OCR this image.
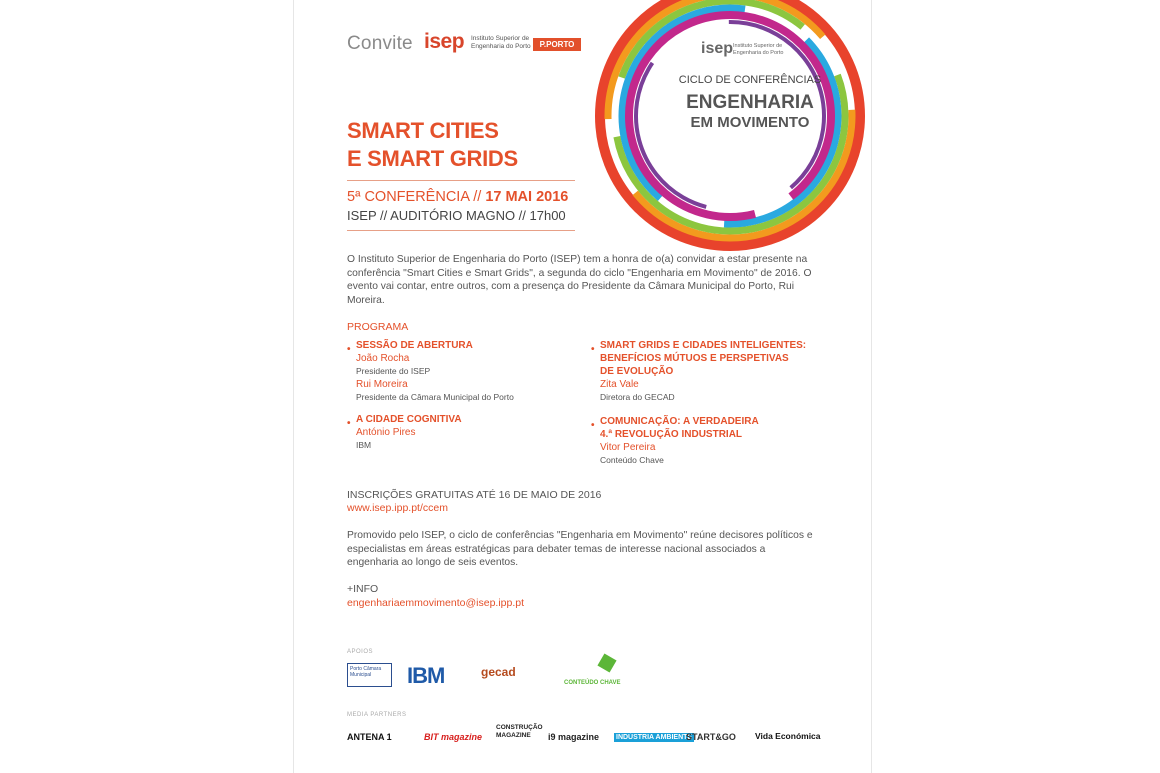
Convite isep Instituto Superior de Engenharia do Porto	P.PORTO	isep Instituto Superior de Engenharia do Porto
CICLO DE CONFERÊNCIAS
ENGENHARIA
EM MOVIMENTO
SMART CITIES
E SMART GRIDS
5ª CONFERÊNCIA // 17 MAI 2016
ISEP // AUDITÓRIO MAGNO // 17h00
O Instituto Superior de Engenharia do Porto (ISEP) tem a honra de o(a) convidar a estar presente na conferência "Smart Cities e Smart Grids", a segunda do ciclo "Engenharia em Movimento" de 2016. O evento vai contar, entre outros, com a presença do Presidente da Câmara Municipal do Porto, Rui Moreira.
PROGRAMA
• SESSÃO DE ABERTURA
João Rocha
Presidente do ISEP
Rui Moreira
Presidente da Câmara Municipal do Porto
• A CIDADE COGNITIVA
António Pires
IBM
• SMART GRIDS E CIDADES INTELIGENTES:
BENEFÍCIOS MÚTUOS E PERSPETIVAS
DE EVOLUÇÃO
Zita Vale
Diretora do GECAD
• COMUNICAÇÃO: A VERDADEIRA
4.ª REVOLUÇÃO INDUSTRIAL
Vitor Pereira
Conteúdo Chave
INSCRIÇÕES GRATUITAS ATÉ 16 DE MAIO DE 2016
www.isep.ipp.pt/ccem
Promovido pelo ISEP, o ciclo de conferências "Engenharia em Movimento" reúne decisores políticos e especialistas em áreas estratégicas para debater temas de interesse nacional associados a engenharia ao longo de seis eventos.
+INFO
engenhariaemmovimento@isep.ipp.pt
APOIOS
Porto Câmara Municipal	IBM	gecad
CONTEÚDO CHAVE
MEDIA PARTNERS
ANTENA 1	BIT magazine
CONSTRUÇÃO MAGAZINE	i9 magazine INDÚSTRIA AMBIENTE
START&GO Vida Económica
